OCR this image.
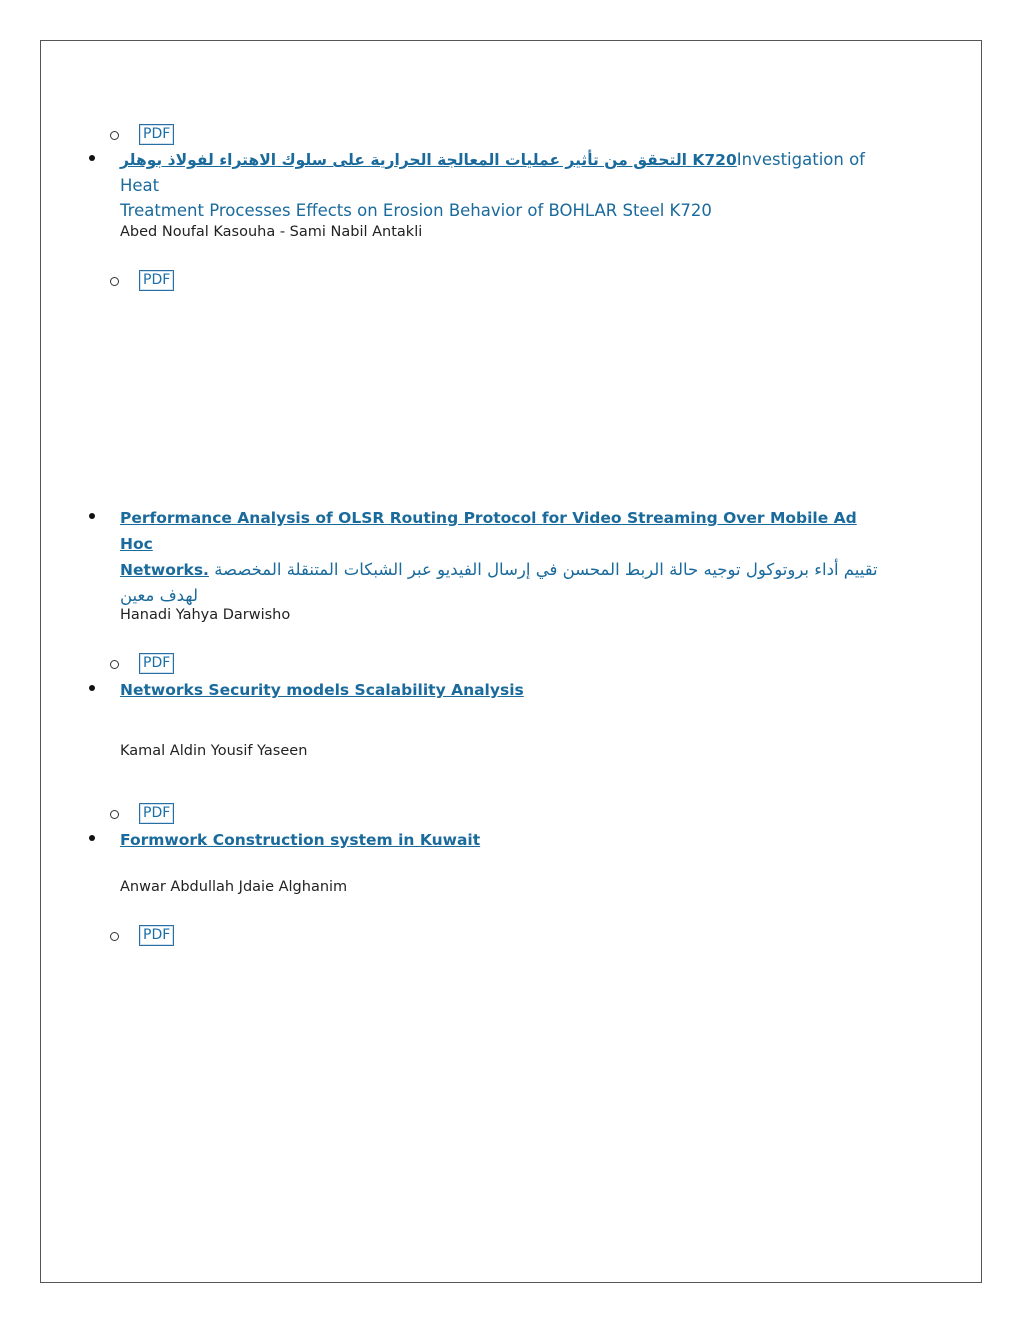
PDF
التحقق من تأثير عمليات المعالجة الحرارية على سلوك الاهتراء لفولاذ بوهلر K720Investigation of Heat
Treatment Processes Effects on Erosion Behavior of BOHLAR Steel K720
Abed Noufal Kasouha - Sami Nabil Antakli
PDF
Performance Analysis of OLSR Routing Protocol for Video Streaming Over Mobile Ad Hoc
Networks. تقييم أداء بروتوكول توجيه حالة الربط المحسن في إرسال الفيديو عبر الشبكات المتنقلة المخصصة
لهدف معين
Hanadi Yahya Darwisho
PDF
Networks Security models Scalability Analysis
Kamal Aldin Yousif Yaseen
PDF
Formwork Construction system in Kuwait
Anwar Abdullah Jdaie Alghanim
PDF
